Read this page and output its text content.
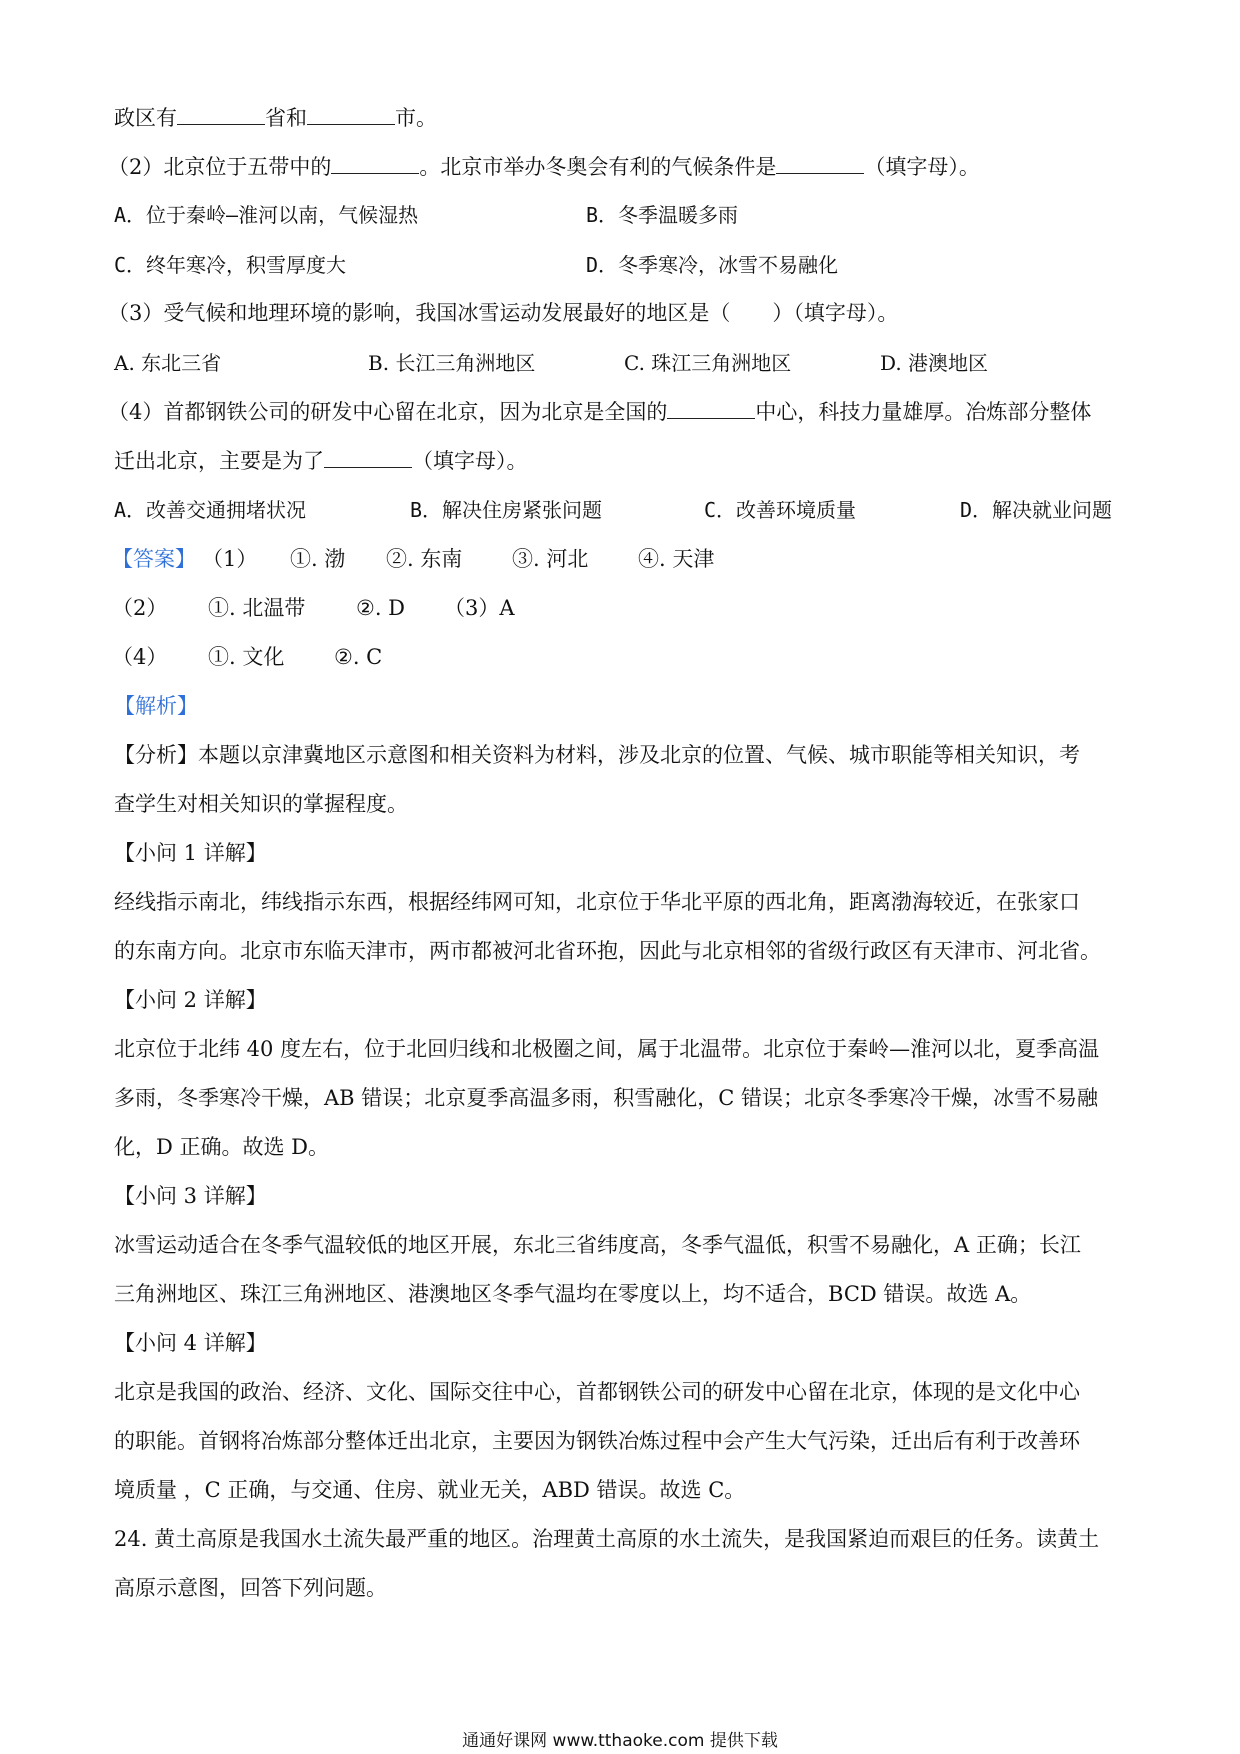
政区有	省和	市。
（2）北京位于五带中的	。北京市举办冬奥会有利的气候条件是	（填字母）。
A．位于秦岭—淮河以南，气候湿热	B．冬季温暖多雨
C．终年寒冷，积雪厚度大	D．冬季寒冷，冰雪不易融化
（3）受气候和地理环境的影响，我国冰雪运动发展最好的地区是（　　）（填字母）。
A. 东北三省	B. 长江三角洲地区	C. 珠江三角洲地区	D. 港澳地区
（4）首都钢铁公司的研发中心留在北京，因为北京是全国的	中心，科技力量雄厚。冶炼部分整体
迁出北京，主要是为了	（填字母）。
A．改善交通拥堵状况	B．解决住房紧张问题	C．改善环境质量	D．解决就业问题
【答案】 （1） ①. 渤 ②. 东南 ③. 河北 ④. 天津
（2） ①. 北温带 ②. D （3）A
（4） ①. 文化 ②. C
【解析】
【分析】本题以京津冀地区示意图和相关资料为材料，涉及北京的位置、气候、城市职能等相关知识，考
查学生对相关知识的掌握程度。
【小问 1 详解】
经线指示南北，纬线指示东西，根据经纬网可知，北京位于华北平原的西北角，距离渤海较近，在张家口
的东南方向。北京市东临天津市，两市都被河北省环抱，因此与北京相邻的省级行政区有天津市、河北省。
【小问 2 详解】
北京位于北纬 40 度左右，位于北回归线和北极圈之间，属于北温带。北京位于秦岭—淮河以北，夏季高温
多雨，冬季寒冷干燥，AB 错误；北京夏季高温多雨，积雪融化，C 错误；北京冬季寒冷干燥，冰雪不易融
化，D 正确。故选 D。
【小问 3 详解】
冰雪运动适合在冬季气温较低的地区开展，东北三省纬度高，冬季气温低，积雪不易融化，A 正确；长江
三角洲地区、珠江三角洲地区、港澳地区冬季气温均在零度以上，均不适合，BCD 错误。故选 A。
【小问 4 详解】
北京是我国的政治、经济、文化、国际交往中心，首都钢铁公司的研发中心留在北京，体现的是文化中心
的职能。首钢将冶炼部分整体迁出北京，主要因为钢铁冶炼过程中会产生大气污染，迁出后有利于改善环
境质量 ，C 正确，与交通、住房、就业无关，ABD 错误。故选 C。
24. 黄土高原是我国水土流失最严重的地区。治理黄土高原的水土流失，是我国紧迫而艰巨的任务。读黄土
高原示意图，回答下列问题。
通通好课网 www.tthaoke.com 提供下载
